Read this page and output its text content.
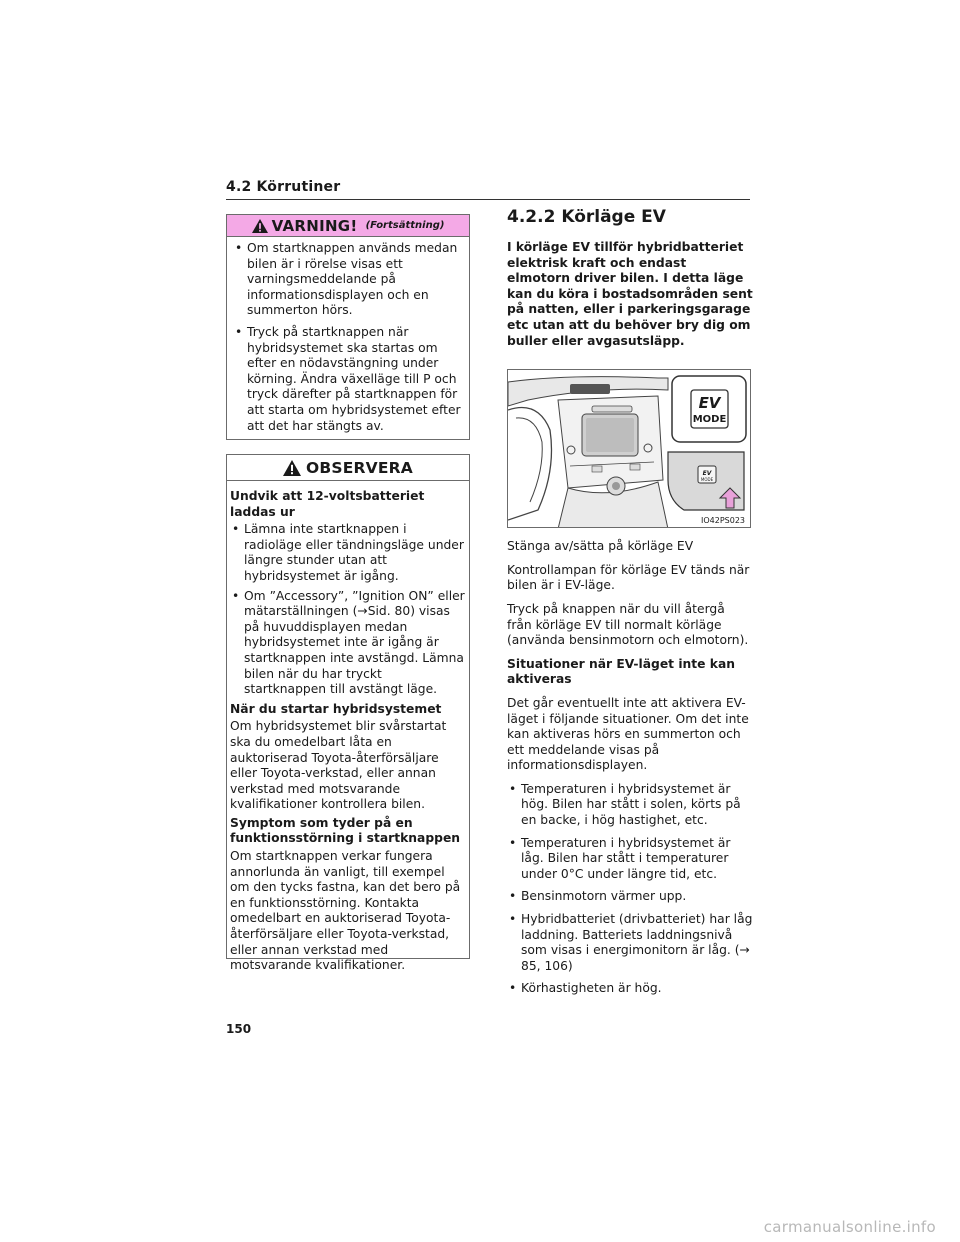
4.2 Körrutiner
VARNING! (Fortsättning)
• Om startknappen används medan bilen är i rörelse visas ett varningsmeddelande på informationsdisplayen och en summerton hörs.
• Tryck på startknappen när hybridsystemet ska startas om efter en nödavstängning under körning. Ändra växelläge till P och tryck därefter på startknappen för att starta om hybridsystemet efter att det har stängts av.
OBSERVERA
Undvik att 12-voltsbatteriet laddas ur
• Lämna inte startknappen i radioläge eller tändningsläge under längre stunder utan att hybridsystemet är igång.
• Om ”Accessory”, ”Ignition ON” eller mätarställningen (→Sid. 80) visas på huvuddisplayen medan hybridsystemet inte är igång är startknappen inte avstängd. Lämna bilen när du har tryckt startknappen till avstängt läge.
När du startar hybridsystemet
Om hybridsystemet blir svårstartat ska du omedelbart låta en auktoriserad Toyota-återförsäljare eller Toyota-verkstad, eller annan verkstad med motsvarande kvalifikationer kontrollera bilen.
Symptom som tyder på en funktionsstörning i startknappen
Om startknappen verkar fungera annorlunda än vanligt, till exempel om den tycks fastna, kan det bero på en funktionsstörning. Kontakta omedelbart en auktoriserad Toyota-återförsäljare eller Toyota-verkstad, eller annan verkstad med motsvarande kvalifikationer.
4.2.2 Körläge EV
I körläge EV tillför hybridbatteriet elektrisk kraft och endast elmotorn driver bilen. I detta läge kan du köra i bostadsområden sent på natten, eller i parkeringsgarage etc utan att du behöver bry dig om buller eller avgasutsläpp.
EV
MODE
EV
MODE
IO42PS023
Stänga av/sätta på körläge EV
Kontrollampan för körläge EV tänds när bilen är i EV-läge.
Tryck på knappen när du vill återgå från körläge EV till normalt körläge (använda bensinmotorn och elmotorn).
Situationer när EV-läget inte kan aktiveras
Det går eventuellt inte att aktivera EV-läget i följande situationer. Om det inte kan aktiveras hörs en summerton och ett meddelande visas på informationsdisplayen.
• Temperaturen i hybridsystemet är hög. Bilen har stått i solen, körts på en backe, i hög hastighet, etc.
• Temperaturen i hybridsystemet är låg. Bilen har stått i temperaturer under 0°C under längre tid, etc.
• Bensinmotorn värmer upp.
• Hybridbatteriet (drivbatteriet) har låg laddning. Batteriets laddningsnivå som visas i energimonitorn är låg. (→ 85, 106)
• Körhastigheten är hög.
150
carmanualsonline.info
